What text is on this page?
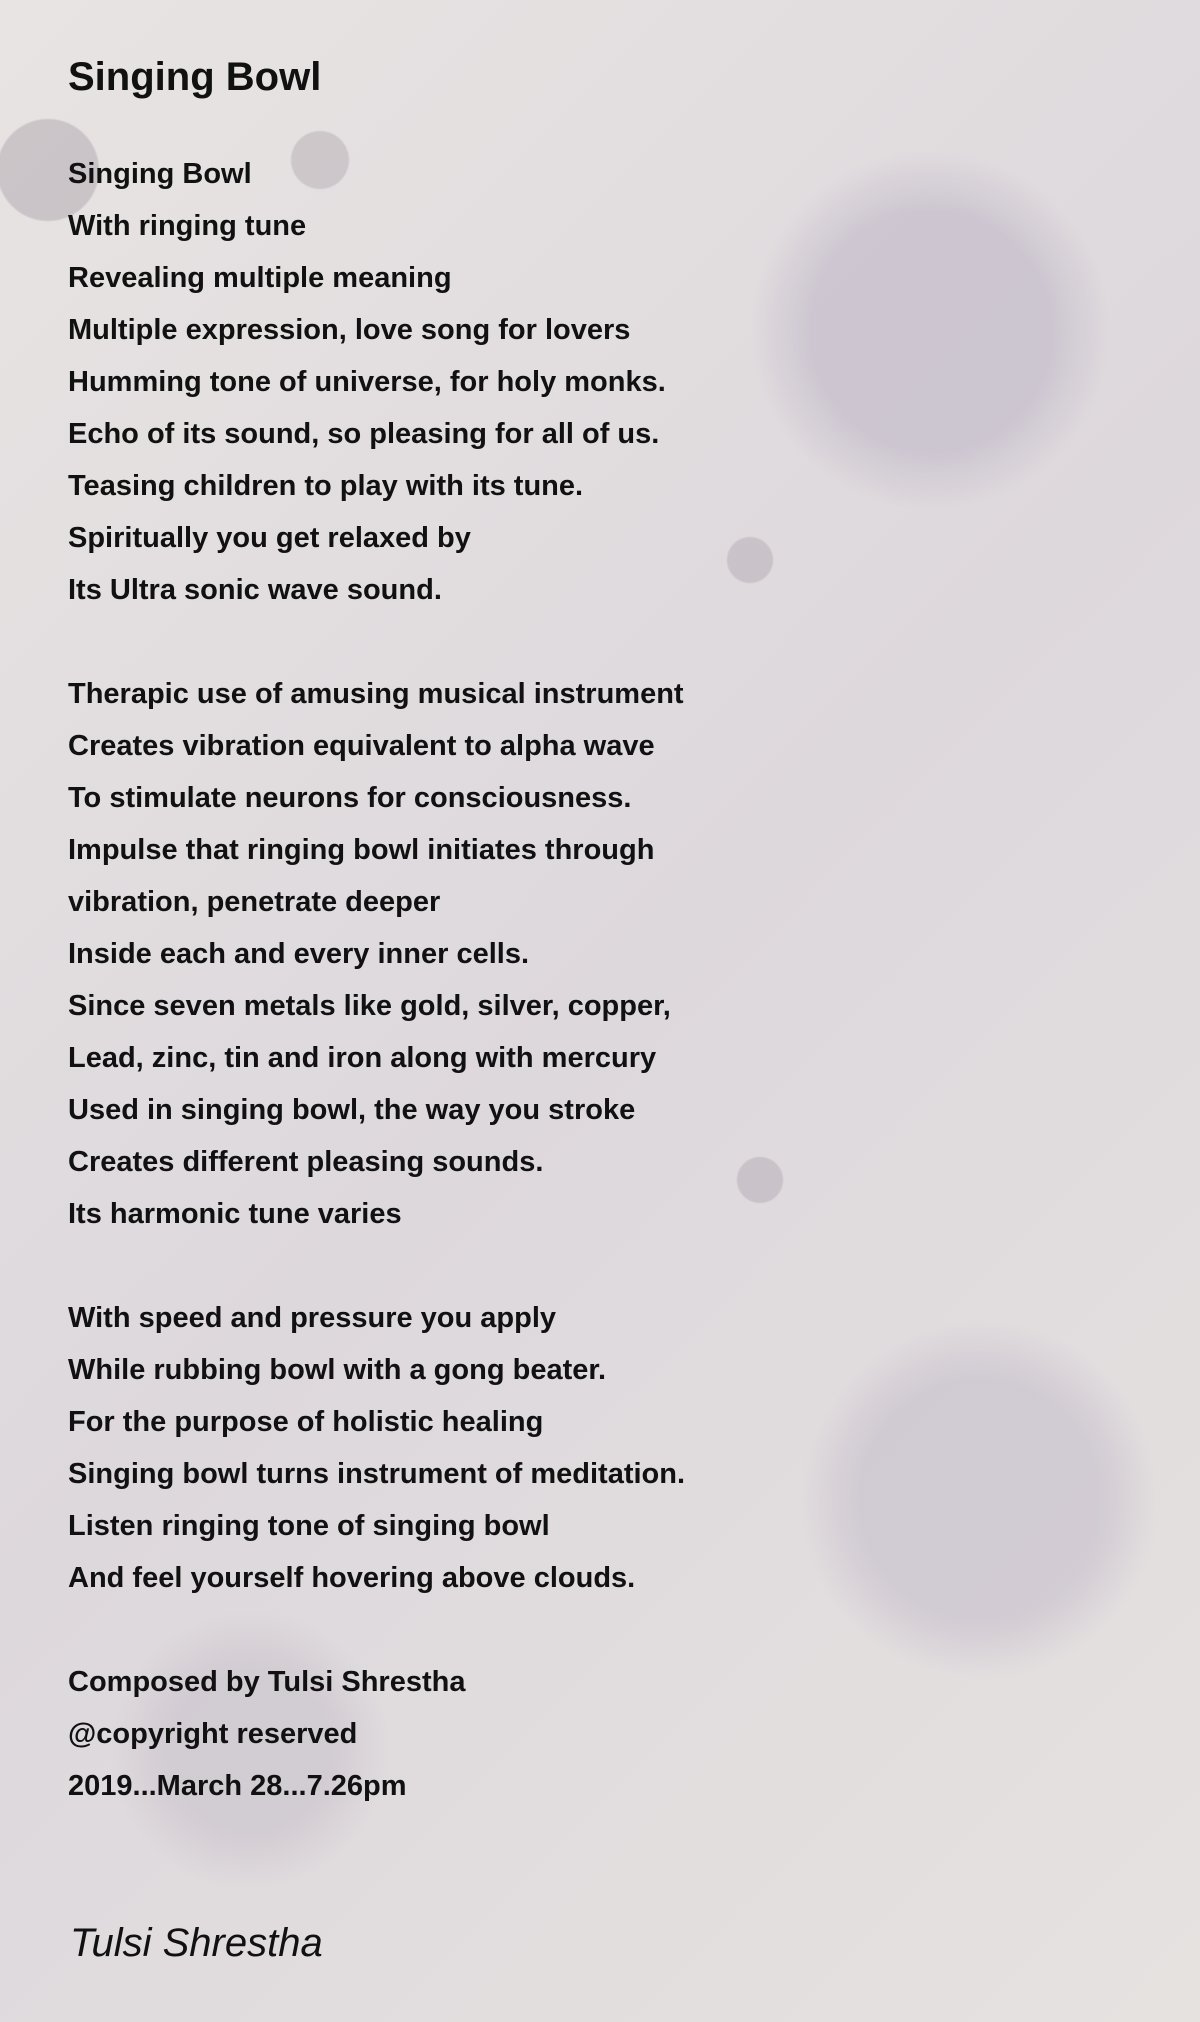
Singing Bowl
Singing Bowl
With ringing tune
Revealing multiple meaning
Multiple expression, love song for lovers
Humming tone of universe, for holy monks.
Echo of its sound, so pleasing for all of us.
Teasing children to play with its tune.
Spiritually you get relaxed by
Its Ultra sonic wave sound.
Therapic use of amusing musical instrument
Creates vibration equivalent to alpha wave
To stimulate neurons for consciousness.
Impulse that ringing bowl initiates through
vibration, penetrate deeper
Inside each and every inner cells.
Since seven metals like gold, silver, copper,
Lead, zinc, tin and iron along with mercury
Used in singing bowl, the way you stroke
Creates different pleasing sounds.
Its harmonic tune varies
With speed and pressure you apply
While rubbing bowl with a gong beater.
For the purpose of holistic healing
Singing bowl turns instrument of meditation.
Listen ringing tone of singing bowl
And feel yourself hovering above clouds.
Composed by Tulsi Shrestha
@copyright reserved
2019...March 28...7.26pm
Tulsi Shrestha
